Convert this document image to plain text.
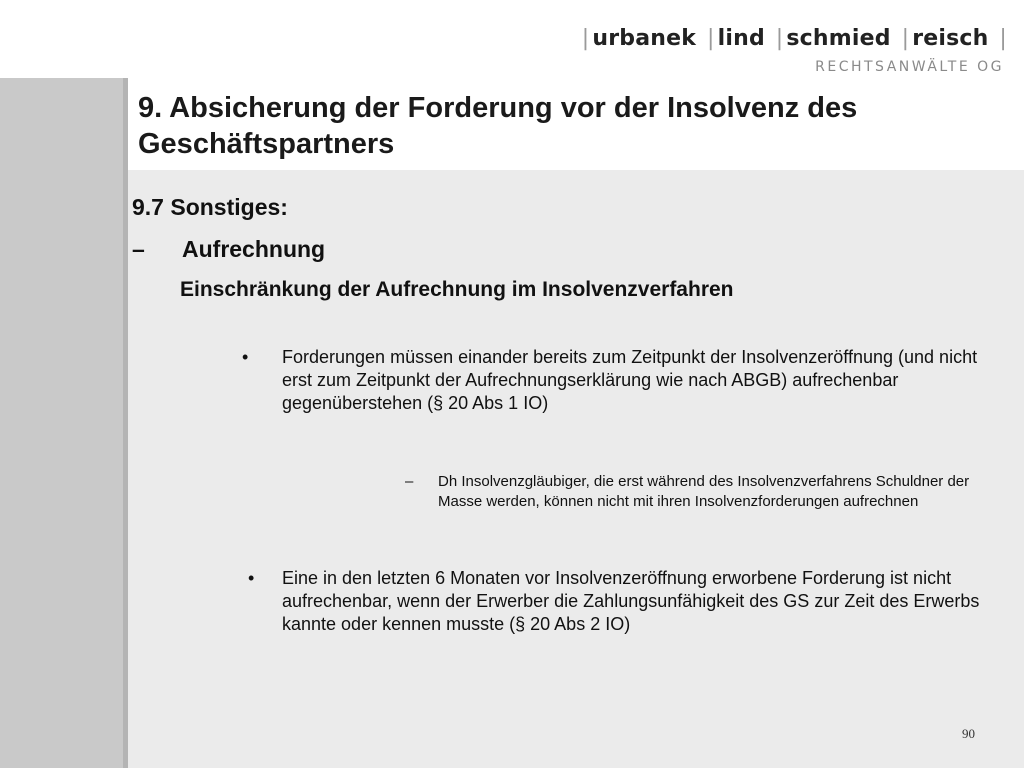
| urbanek | lind | schmied | reisch |
RECHTSANWÄLTE OG
9. Absicherung der Forderung vor der Insolvenz des Geschäftspartners
9.7 Sonstiges:
– Aufrechnung
Einschränkung der Aufrechnung im Insolvenzverfahren
• Forderungen müssen einander bereits zum Zeitpunkt der Insolvenzeröffnung (und nicht erst zum Zeitpunkt der Aufrechnungserklärung wie nach ABGB) aufrechenbar gegenüberstehen (§ 20 Abs 1 IO)
– Dh Insolvenzgläubiger, die erst während des Insolvenzverfahrens Schuldner der Masse werden, können nicht mit ihren Insolvenzforderungen aufrechnen
• Eine in den letzten 6 Monaten vor Insolvenzeröffnung erworbene Forderung ist nicht aufrechenbar, wenn der Erwerber die Zahlungsunfähigkeit des GS zur Zeit des Erwerbs kannte oder kennen musste (§ 20 Abs 2 IO)
90
